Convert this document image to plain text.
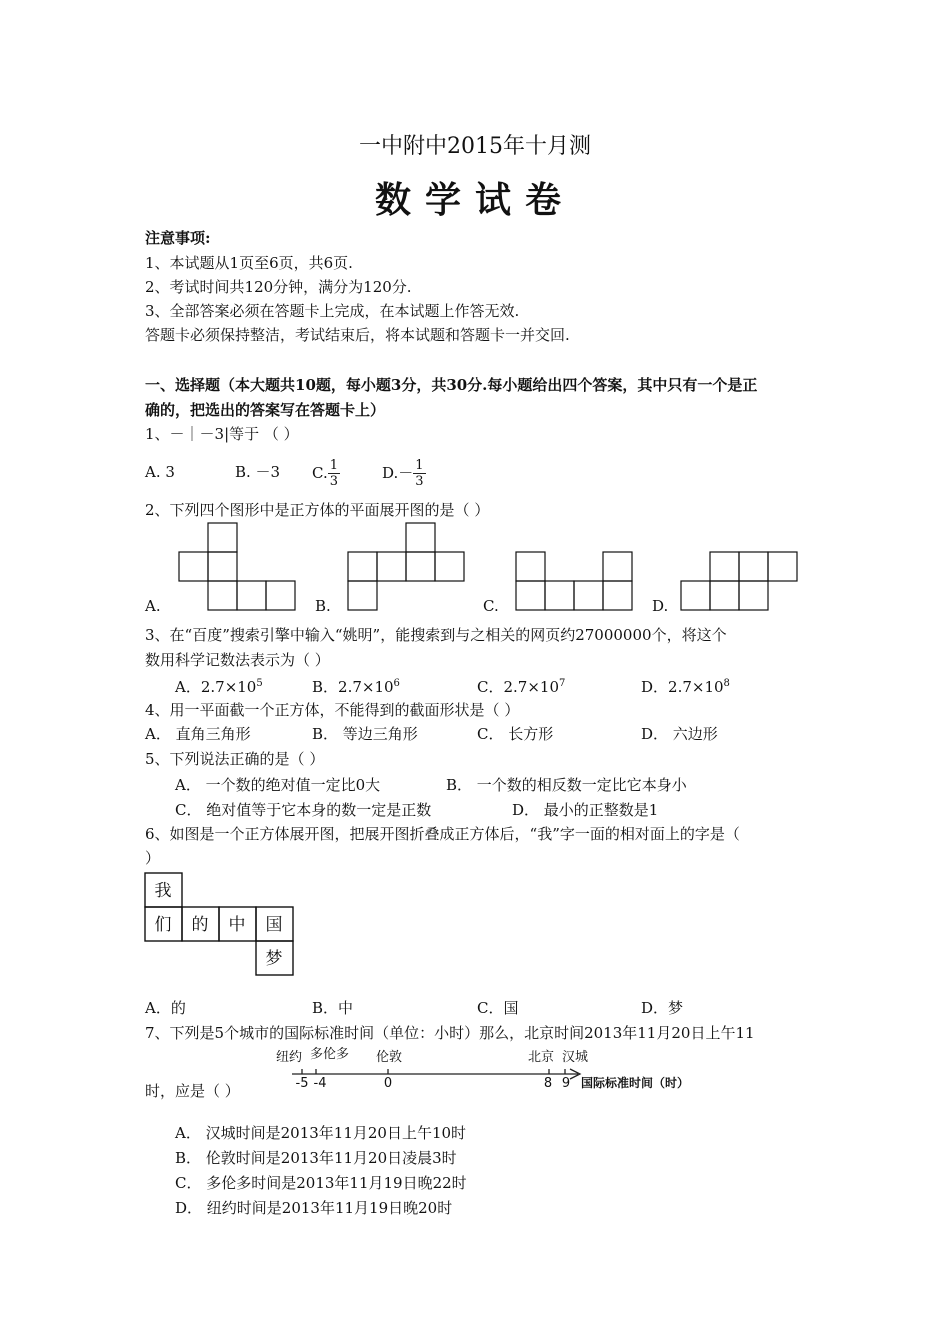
一中附中2015年十月测
数学试卷
注意事项:
1、本试题从1页至6页，共6页.
2、考试时间共120分钟，满分为120分.
3、全部答案必须在答题卡上完成，在本试题上作答无效.
答题卡必须保持整洁，考试结束后，将本试题和答题卡一并交回.
一、选择题（本大题共10题，每小题3分，共30分.每小题给出四个答案，其中只有一个是正
确的，把选出的答案写在答题卡上）
1、－｜－3|等于 （ ）
A. 3	B. －3 C. $\frac{1}{3}$	$D.- \frac{1}{3}$
2、下列四个图形中是正方体的平面展开图的是（ ）
A.	B.	C.	D.
3、在“百度”搜索引擎中输入“姚明”，能搜索到与之相关的网页约27000000个，将这个
数用科学记数法表示为（ ）
A．$2.7\times 10^5$	B．$2.7\times 10^6$	C．$2.7\times 10^7$	D．$2.7\times 10^8$
4、用一平面截一个正方体，不能得到的截面形状是（ ）
A． 直角三角形	B． 等边三角形	C． 长方形	D． 六边形
5、下列说法正确的是（ ）
A． 一个数的绝对值一定比0大	B． 一个数的相反数一定比它本身小
C． 绝对值等于它本身的数一定是正数	D． 最小的正整数是1
6、如图是一个正方体展开图，把展开图折叠成正方体后，“我”字一面的相对面上的字是（
）
我
们 的 中 国
梦
A．的	B．中	C．国	D．梦
7、下列是5个城市的国际标准时间（单位：小时）那么，北京时间2013年11月20日上午11
纽约 多伦多 伦敦	北京 汉城
-5 -4	0	8 9 国际标准时间（时）
时，应是（ ）
A． 汉城时间是2013年11月20日上午10时
B． 伦敦时间是2013年11月20日凌晨3时
C． 多伦多时间是2013年11月19日晚22时
D． 纽约时间是2013年11月19日晚20时
